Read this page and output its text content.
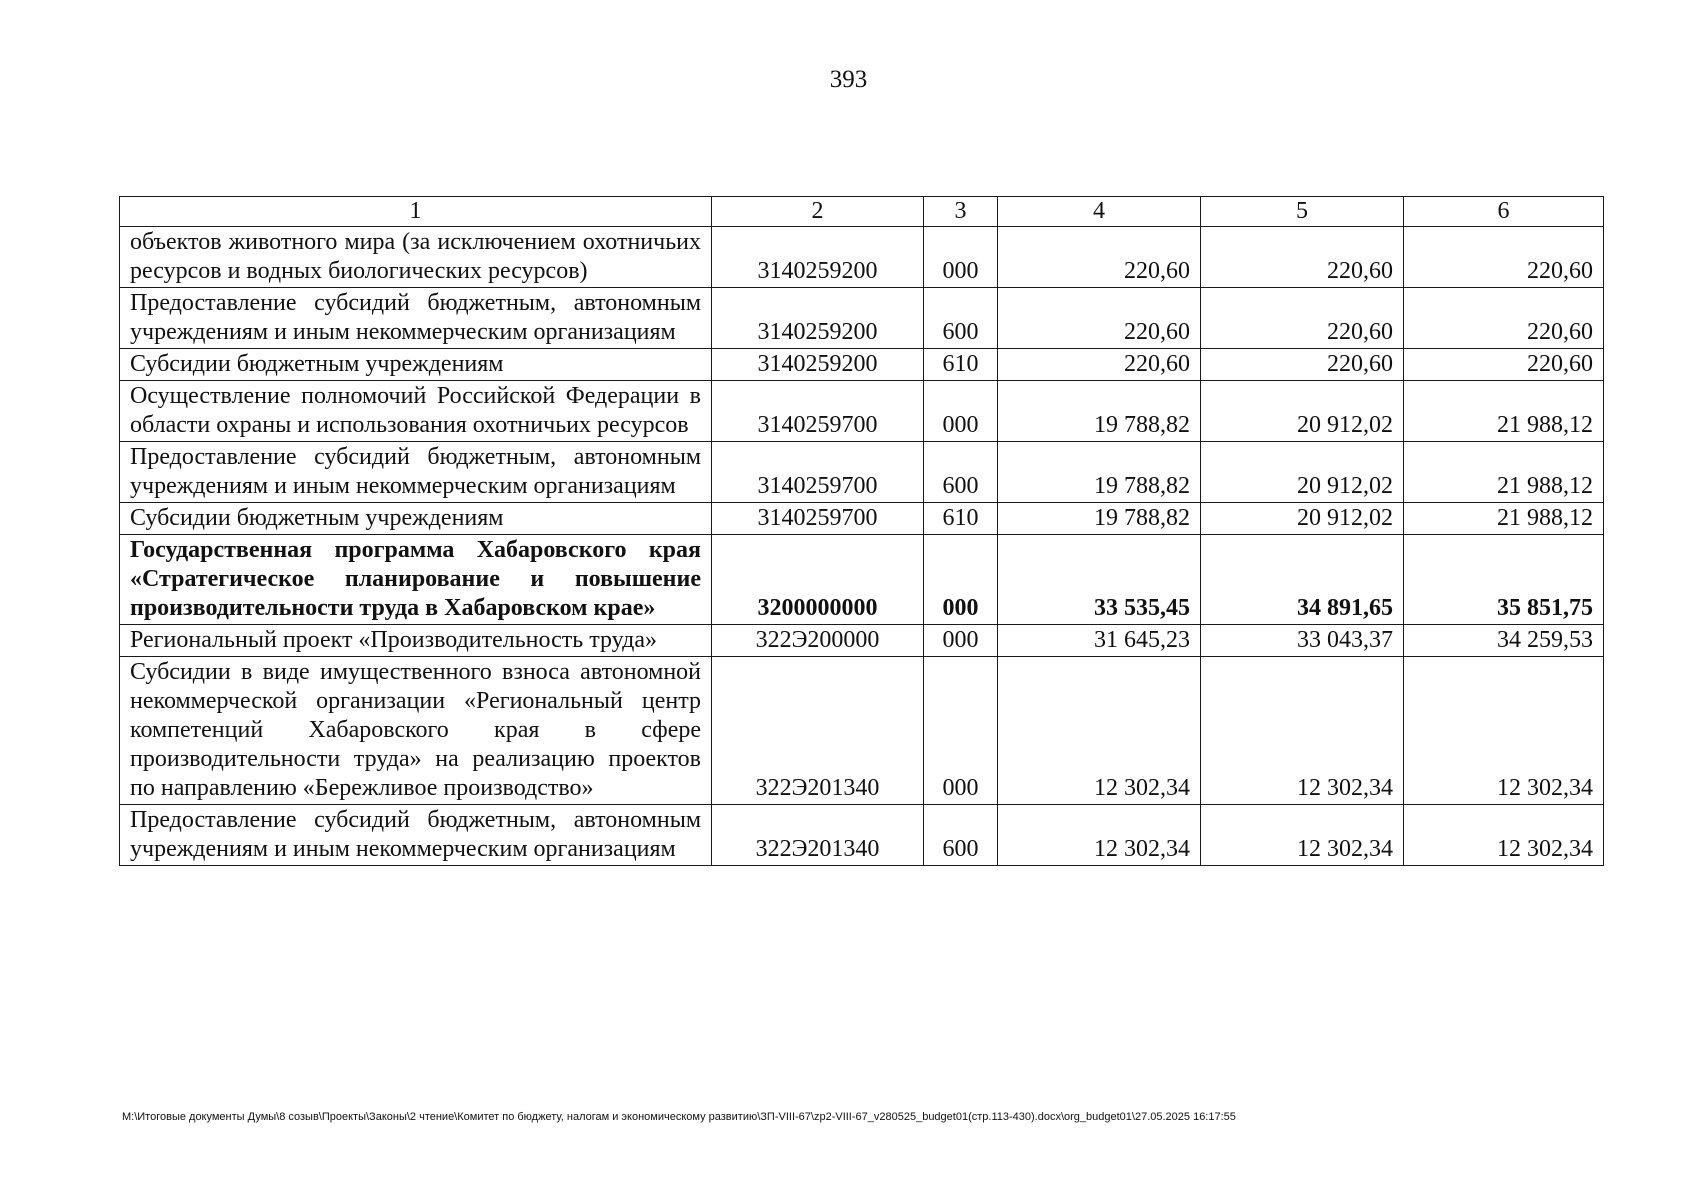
393
1	2	3	4	5	6
объектов животного мира (за исключением охотничьих ресурсов и водных биологических ресурсов)	3140259200	000	220,60	220,60	220,60
Предоставление субсидий бюджетным, автономным учреждениям и иным некоммерческим организациям	3140259200	600	220,60	220,60	220,60
Субсидии бюджетным учреждениям	3140259200	610	220,60	220,60	220,60
Осуществление полномочий Российской Федерации в области охраны и использования охотничьих ресурсов	3140259700	000	19 788,82	20 912,02	21 988,12
Предоставление субсидий бюджетным, автономным учреждениям и иным некоммерческим организациям	3140259700	600	19 788,82	20 912,02	21 988,12
Субсидии бюджетным учреждениям	3140259700	610	19 788,82	20 912,02	21 988,12
Государственная программа Хабаровского края «Стратегическое планирование и повышение производительности труда в Хабаровском крае»	3200000000	000	33 535,45	34 891,65	35 851,75
Региональный проект «Производительность труда»	322Э200000	000	31 645,23	33 043,37	34 259,53
Субсидии в виде имущественного взноса автономной некоммерческой организации «Региональный центр компетенций Хабаровского края в сфере производительности труда» на реализацию проектов по направлению «Бережливое производство»	322Э201340	000	12 302,34	12 302,34	12 302,34
Предоставление субсидий бюджетным, автономным учреждениям и иным некоммерческим организациям	322Э201340	600	12 302,34	12 302,34	12 302,34
M:\Итоговые документы Думы\8 созыв\Проекты\Законы\2 чтение\Комитет по бюджету, налогам и экономическому развитию\ЗП-VIII-67\zp2-VIII-67_v280525_budget01(стр.113-430).docx\org_budget01\27.05.2025 16:17:55
